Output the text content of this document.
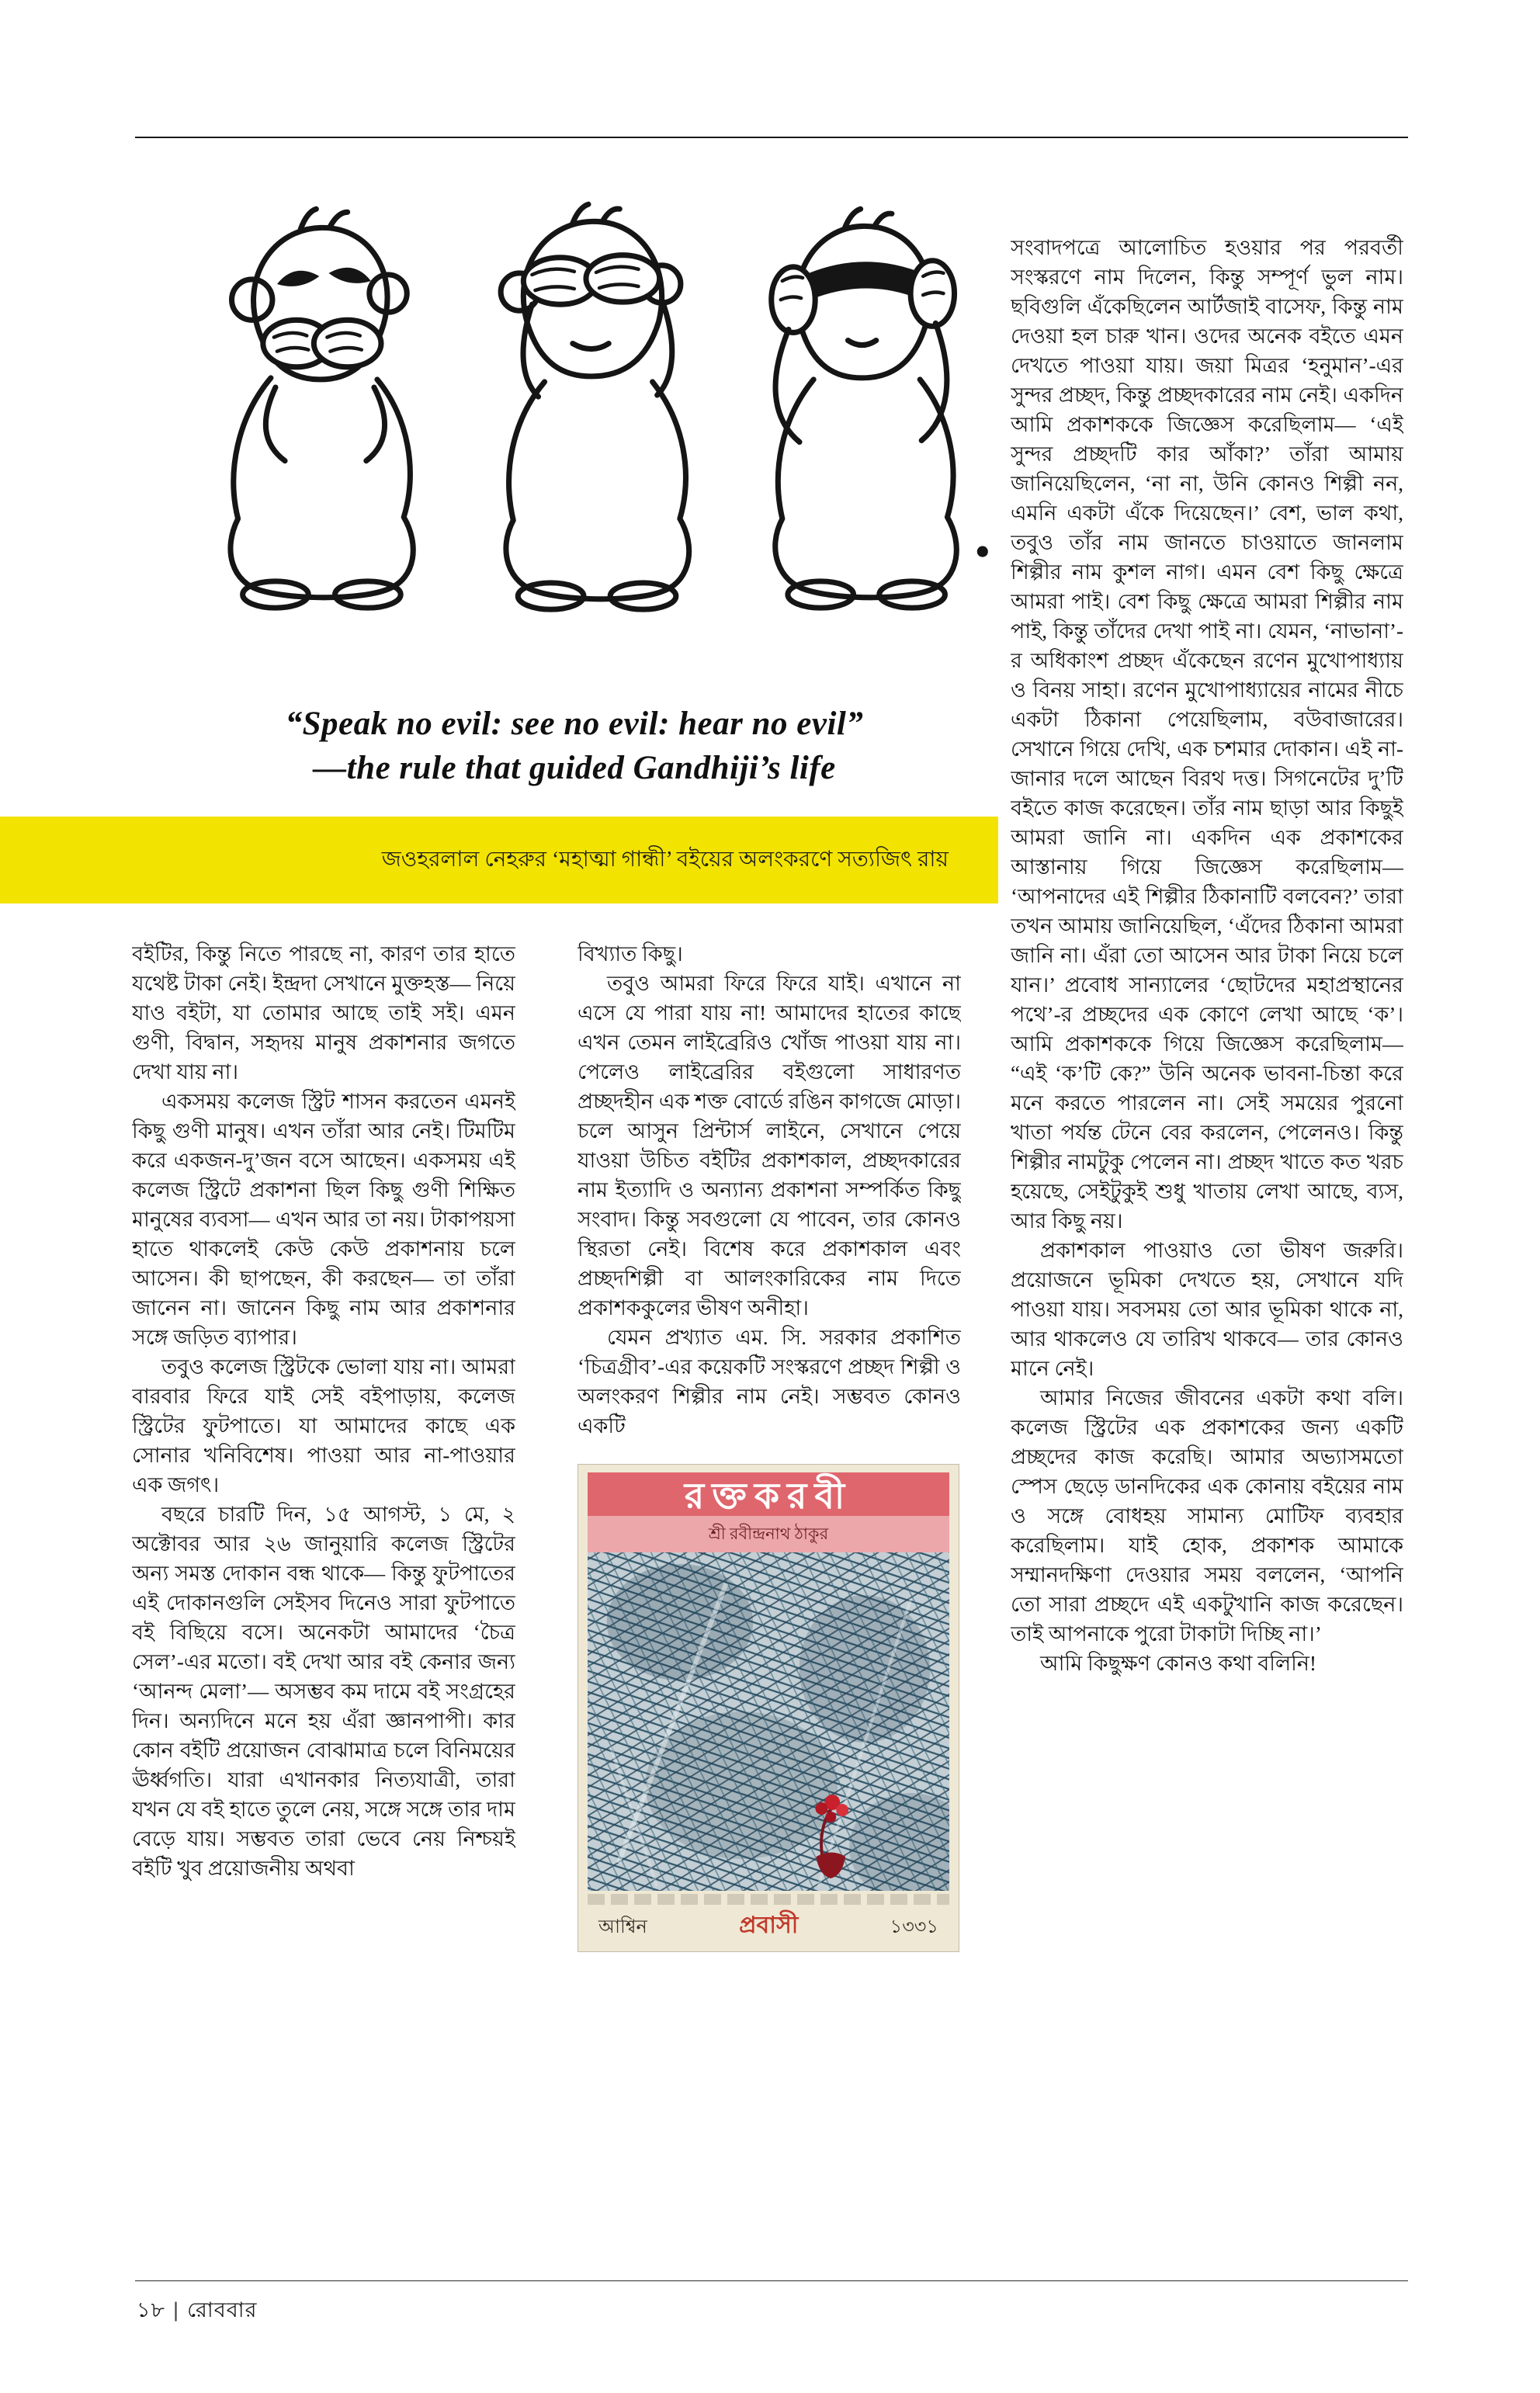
“Speak no evil: see no evil: hear no evil”
—the rule that guided Gandhiji’s life
জওহরলাল নেহরুর ‘মহাত্মা গান্ধী’ বইয়ের অলংকরণে সত্যজিৎ রায়

বইটির, কিন্তু নিতে পারছে না, কারণ তার হাতে যথেষ্ট টাকা নেই। ইন্দ্রদা সেখানে মুক্তহস্ত— নিয়ে যাও বইটা, যা তোমার আছে তাই সই। এমন গুণী, বিদ্বান, সহৃদয় মানুষ প্রকাশনার জগতে দেখা যায় না।

একসময় কলেজ স্ট্রিট শাসন করতেন এমনই কিছু গুণী মানুষ। এখন তাঁরা আর নেই। টিমটিম করে একজন-দু’জন বসে আছেন। একসময় এই কলেজ স্ট্রিটে প্রকাশনা ছিল কিছু গুণী শিক্ষিত মানুষের ব্যবসা— এখন আর তা নয়। টাকাপয়সা হাতে থাকলেই কেউ কেউ প্রকাশনায় চলে আসেন। কী ছাপছেন, কী করছেন— তা তাঁরা জানেন না। জানেন কিছু নাম আর প্রকাশনার সঙ্গে জড়িত ব্যাপার।

তবুও কলেজ স্ট্রিটকে ভোলা যায় না। আমরা বারবার ফিরে যাই সেই বইপাড়ায়, কলেজ স্ট্রিটের ফুটপাতে। যা আমাদের কাছে এক সোনার খনিবিশেষ। পাওয়া আর না-পাওয়ার এক জগৎ।

বছরে চারটি দিন, ১৫ আগস্ট, ১ মে, ২ অক্টোবর আর ২৬ জানুয়ারি কলেজ স্ট্রিটের অন্য সমস্ত দোকান বন্ধ থাকে— কিন্তু ফুটপাতের এই দোকানগুলি সেইসব দিনেও সারা ফুটপাতে বই বিছিয়ে বসে। অনেকটা আমাদের ‘চৈত্র সেল’-এর মতো। বই দেখা আর বই কেনার জন্য ‘আনন্দ মেলা’— অসম্ভব কম দামে বই সংগ্রহের দিন। অন্যদিনে মনে হয় এঁরা জ্ঞানপাপী। কার কোন বইটি প্রয়োজন বোঝামাত্র চলে বিনিময়ের ঊর্ধ্বগতি। যারা এখানকার নিত্যযাত্রী, তারা যখন যে বই হাতে তুলে নেয়, সঙ্গে সঙ্গে তার দাম বেড়ে যায়। সম্ভবত তারা ভেবে নেয় নিশ্চয়ই বইটি খুব প্রয়োজনীয় অথবা

বিখ্যাত কিছু।

তবুও আমরা ফিরে ফিরে যাই। এখানে না এসে যে পারা যায় না! আমাদের হাতের কাছে এখন তেমন লাইব্রেরিও খোঁজ পাওয়া যায় না। পেলেও লাইব্রেরির বইগুলো সাধারণত প্রচ্ছদহীন এক শক্ত বোর্ডে রঙিন কাগজে মোড়া। চলে আসুন প্রিন্টার্স লাইনে, সেখানে পেয়ে যাওয়া উচিত বইটির প্রকাশকাল, প্রচ্ছদকারের নাম ইত্যাদি ও অন্যান্য প্রকাশনা সম্পর্কিত কিছু সংবাদ। কিন্তু সবগুলো যে পাবেন, তার কোনও স্থিরতা নেই। বিশেষ করে প্রকাশকাল এবং প্রচ্ছদশিল্পী বা আলংকারিকের নাম দিতে প্রকাশককুলের ভীষণ অনীহা।

যেমন প্রখ্যাত এম. সি. সরকার প্রকাশিত ‘চিত্রগ্রীব’-এর কয়েকটি সংস্করণে প্রচ্ছদ শিল্পী ও অলংকরণ শিল্পীর নাম নেই। সম্ভবত কোনও একটি

রক্তকরবী
শ্রী রবীন্দ্রনাথ ঠাকুর
আশ্বিন	প্রবাসী	১৩৩১

সংবাদপত্রে আলোচিত হওয়ার পর পরবর্তী সংস্করণে নাম দিলেন, কিন্তু সম্পূর্ণ ভুল নাম। ছবিগুলি এঁকেছিলেন আর্টজাই বাসেফ, কিন্তু নাম দেওয়া হল চারু খান। ওদের অনেক বইতে এমন দেখতে পাওয়া যায়। জয়া মিত্রর ‘হনুমান’-এর সুন্দর প্রচ্ছদ, কিন্তু প্রচ্ছদকারের নাম নেই। একদিন আমি প্রকাশককে জিজ্ঞেস করেছিলাম— ‘এই সুন্দর প্রচ্ছদটি কার আঁকা?’ তাঁরা আমায় জানিয়েছিলেন, ‘না না, উনি কোনও শিল্পী নন, এমনি একটা এঁকে দিয়েছেন।’ বেশ, ভাল কথা, তবুও তাঁর নাম জানতে চাওয়াতে জানলাম শিল্পীর নাম কুশল নাগ। এমন বেশ কিছু ক্ষেত্রে আমরা পাই। বেশ কিছু ক্ষেত্রে আমরা শিল্পীর নাম পাই, কিন্তু তাঁদের দেখা পাই না। যেমন, ‘নাভানা’-র অধিকাংশ প্রচ্ছদ এঁকেছেন রণেন মুখোপাধ্যায় ও বিনয় সাহা। রণেন মুখোপাধ্যায়ের নামের নীচে একটা ঠিকানা পেয়েছিলাম, বউবাজারের। সেখানে গিয়ে দেখি, এক চশমার দোকান। এই না-জানার দলে আছেন বিরথ দত্ত। সিগনেটের দু’টি বইতে কাজ করেছেন। তাঁর নাম ছাড়া আর কিছুই আমরা জানি না। একদিন এক প্রকাশকের আস্তানায় গিয়ে জিজ্ঞেস করেছিলাম— ‘আপনাদের এই শিল্পীর ঠিকানাটি বলবেন?’ তারা তখন আমায় জানিয়েছিল, ‘এঁদের ঠিকানা আমরা জানি না। এঁরা তো আসেন আর টাকা নিয়ে চলে যান।’ প্রবোধ সান্যালের ‘ছোটদের মহাপ্রস্থানের পথে’-র প্রচ্ছদের এক কোণে লেখা আছে ‘ক’। আমি প্রকাশককে গিয়ে জিজ্ঞেস করেছিলাম— “এই ‘ক’টি কে?” উনি অনেক ভাবনা-চিন্তা করে মনে করতে পারলেন না। সেই সময়ের পুরনো খাতা পর্যন্ত টেনে বের করলেন, পেলেনও। কিন্তু শিল্পীর নামটুকু পেলেন না। প্রচ্ছদ খাতে কত খরচ হয়েছে, সেইটুকুই শুধু খাতায় লেখা আছে, ব্যস, আর কিছু নয়।

প্রকাশকাল পাওয়াও তো ভীষণ জরুরি। প্রয়োজনে ভূমিকা দেখতে হয়, সেখানে যদি পাওয়া যায়। সবসময় তো আর ভূমিকা থাকে না, আর থাকলেও যে তারিখ থাকবে— তার কোনও মানে নেই।

আমার নিজের জীবনের একটা কথা বলি। কলেজ স্ট্রিটের এক প্রকাশকের জন্য একটি প্রচ্ছদের কাজ করেছি। আমার অভ্যাসমতো স্পেস ছেড়ে ডানদিকের এক কোনায় বইয়ের নাম ও সঙ্গে বোধহয় সামান্য মোটিফ ব্যবহার করেছিলাম। যাই হোক, প্রকাশক আমাকে সম্মানদক্ষিণা দেওয়ার সময় বললেন, ‘আপনি তো সারা প্রচ্ছদে এই একটুখানি কাজ করেছেন। তাই আপনাকে পুরো টাকাটা দিচ্ছি না।’

আমি কিছুক্ষণ কোনও কথা বলিনি!

১৮ | রোববার
